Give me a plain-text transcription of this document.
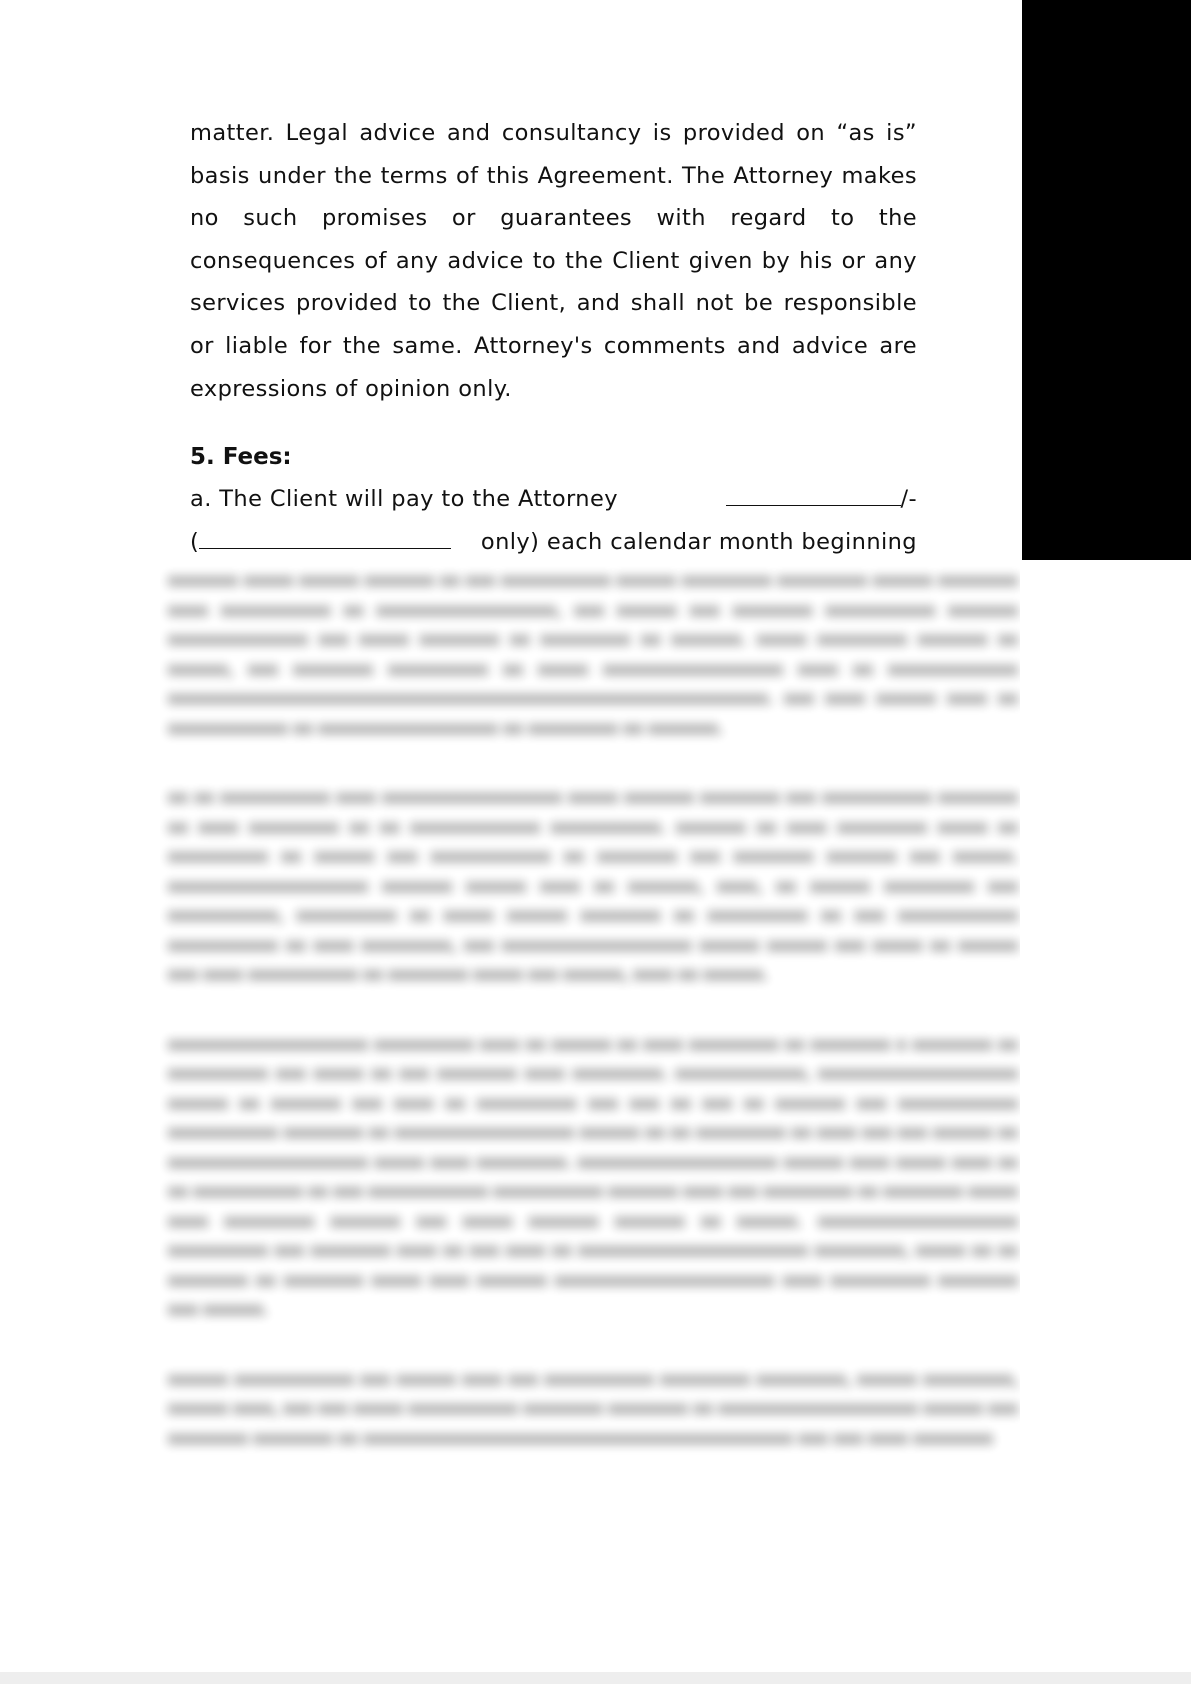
matter. Legal advice and consultancy is provided on “as is” basis under the terms of this Agreement. The Attorney makes no such promises or guarantees with regard to the consequences of any advice to the Client given by his or any services provided to the Client, and shall not be responsible or liable for the same. Attorney's comments and advice are expressions of opinion only.

5. Fees:
a. The Client will pay to the Attorney	/-
(	only) each calendar month beginning

nnnnnnn nnnnn nnnnnn nnnnnnn nn nnn nnnnnnnnnnn nnnnnn nnnnnnnnn nnnnnnnnn nnnnnn nnnnnnnn nnnn nnnnnnnnnnn nn nnnnnnnnnnnnnnnnnn, nnn nnnnnn nnn nnnnnnnn nnnnnnnnnnn nnnnnnn nnnnnnnnnnnnnn nnn nnnnn nnnnnnnn nn nnnnnnnnn nn nnnnnnn. nnnnn nnnnnnnnn nnnnnnn nn nnnnnn, nnn nnnnnnnn nnnnnnnnnn nn nnnnn nnnnnnnnnnnnnnnnnn nnnn nn nnnnnnnnnnnnn nnnnnnnnnnnnnnnnnnnnnnnnnnnnnnnnnnnnnnnnnnnnnnnnnnnnnnnnnnnn. nnn nnnn nnnnnn nnnn nn nnnnnnnnnnnn nn nnnnnnnnnnnnnnnnnn nn nnnnnnnnn nn nnnnnnn.

nn nn nnnnnnnnnnn nnnn nnnnnnnnnnnnnnnnnn nnnnn nnnnnnn nnnnnnnn nnn nnnnnnnnnnn nnnnnnnn nn nnnn nnnnnnnnn nn nn nnnnnnnnnnnnn nnnnnnnnnnn. nnnnnnn nn nnnn nnnnnnnnn nnnnn nn nnnnnnnnnn nn nnnnnn nnn nnnnnnnnnnnn nn nnnnnnnn nnn nnnnnnnn nnnnnnn nnn nnnnnn. nnnnnnnnnnnnnnnnnnnn nnnnnnn nnnnnn nnnn nn nnnnnnn, nnnn, nn nnnnnn nnnnnnnnn nnn nnnnnnnnnnn, nnnnnnnnnn nn nnnnn nnnnnn nnnnnnnn nn nnnnnnnnnn nn nnn nnnnnnnnnnnn nnnnnnnnnnn nn nnnn nnnnnnnnn, nnn nnnnnnnnnnnnnnnnnnn nnnnnn nnnnnn nnn nnnnn nn nnnnnn nnn nnnn nnnnnnnnnnn nn nnnnnnnn nnnnn nnn nnnnnn, nnnn nn nnnnnn.

nnnnnnnnnnnnnnnnnnnn nnnnnnnnnn nnnn nn nnnnnn nn nnnn nnnnnnnnn nn nnnnnnnn n nnnnnnnn nn nnnnnnnnnn nnn nnnnn nn nnn nnnnnnnn nnnn nnnnnnnnn. nnnnnnnnnnnnn, nnnnnnnnnnnnnnnnnnnn nnnnnn nn nnnnnnn nnn nnnn nn nnnnnnnnnn nnn nnn nn nnn nn nnnnnnn nnn nnnnnnnnnnnn nnnnnnnnnnn nnnnnnnn nn nnnnnnnnnnnnnnnnnn nnnnnn nn nn nnnnnnnnn nn nnnn nnn nnn nnnnnn nn nnnnnnnnnnnnnnnnnnnn nnnnn nnnn nnnnnnnnn. nnnnnnnnnnnnnnnnnnnn nnnnnn nnnn nnnnn nnnn nn nn nnnnnnnnnnn nn nnn nnnnnnnnnnnn nnnnnnnnnnn nnnnnnn nnnn nnn nnnnnnnnn nn nnnnnnnn nnnnn nnnn nnnnnnnnn nnnnnnn nnn nnnnn nnnnnnn nnnnnnn nn nnnnnn. nnnnnnnnnnnnnnnnnnnn nnnnnnnnnn nnn nnnnnnnn nnnn nn nnn nnnn nn nnnnnnnnnnnnnnnnnnnnnnn nnnnnnnnn, nnnnn nn nn nnnnnnnn nn nnnnnnnn nnnnn nnnn nnnnnnn nnnnnnnnnnnnnnnnnnnnnn nnnn nnnnnnnnnn nnnnnnnn nnn nnnnnn.

nnnnnn nnnnnnnnnnnn nnn nnnnnn nnnn nnn nnnnnnnnnnn nnnnnnnnn nnnnnnnnn, nnnnnn nnnnnnnnn, nnnnnn nnnn, nnn nnn nnnnn nnnnnnnnnnn nnnnnnnn nnnnnnnn nn nnnnnnnnnnnnnnnnnnnn nnnnnn nnn nnnnnnnn nnnnnnnn nn nnnnnnnnnnnnnnnnnnnnnnnnnnnnnnnnnnnnnnnnnnn nnn nnn nnnn nnnnnnnn
